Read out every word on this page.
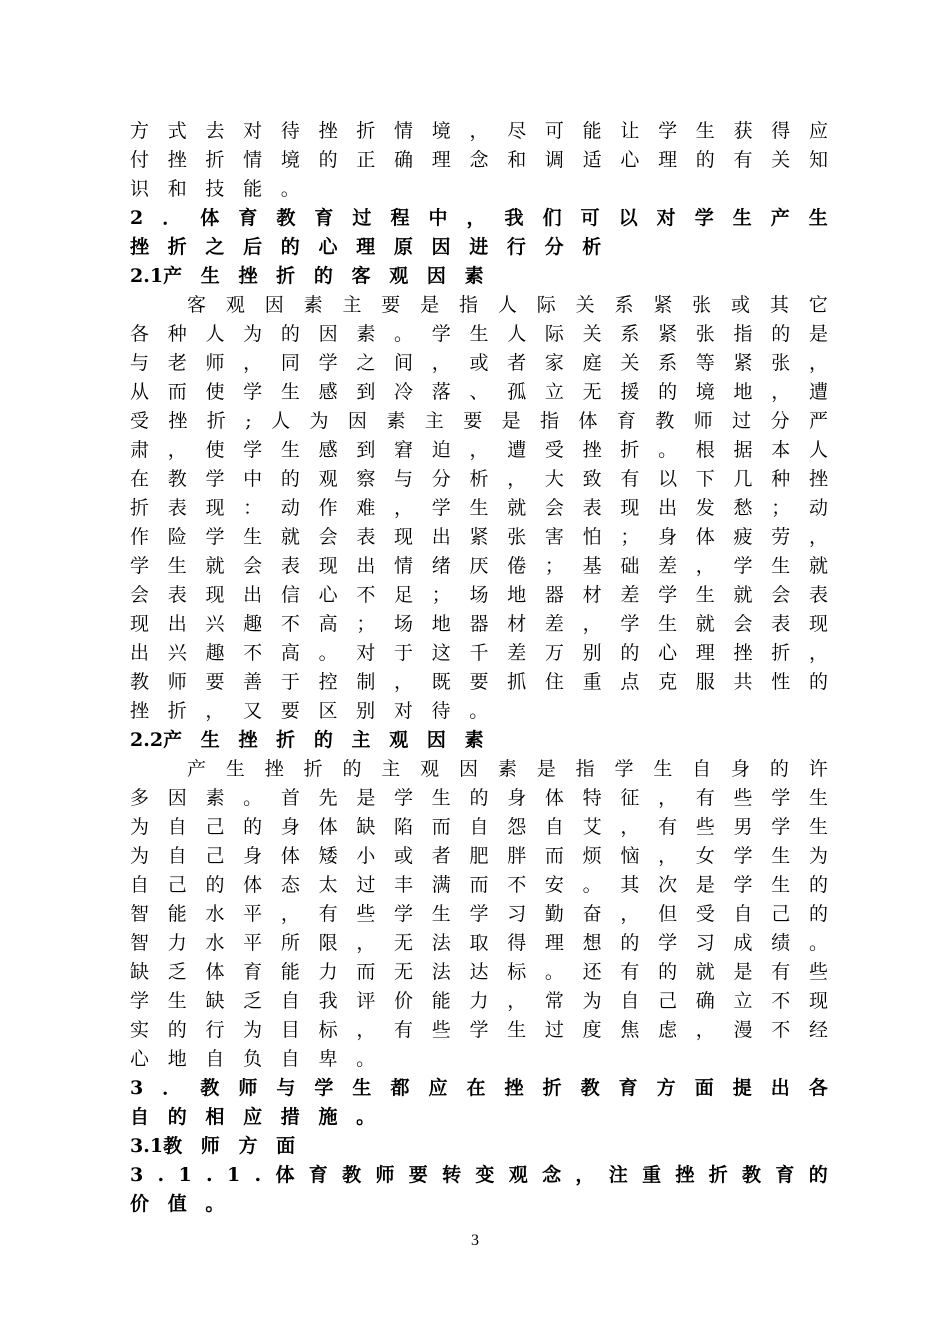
方 式 去 对 待 挫 折 情 境 ， 尽 可 能 让 学 生 获 得 应
付 挫 折 情 境 的 正 确 理 念 和 调 适 心 理 的 有 关 知
识 和 技 能 。
2 ． 体 育 教 育 过 程 中 ， 我 们 可 以 对 学 生 产 生
挫 折 之 后 的 心 理 原 因 进 行 分 析
2.1产 生 挫 折 的 客 观 因 素
客 观 因 素 主 要 是 指 人 际 关 系 紧 张 或 其 它
各 种 人 为 的 因 素 。 学 生 人 际 关 系 紧 张 指 的 是
与 老 师 ， 同 学 之 间 ， 或 者 家 庭 关 系 等 紧 张 ，
从 而 使 学 生 感 到 冷 落 、 孤 立 无 援 的 境 地 ， 遭
受 挫 折 ; 人 为 因 素 主 要 是 指 体 育 教 师 过 分 严
肃 ， 使 学 生 感 到 窘 迫 ， 遭 受 挫 折 。 根 据 本 人
在 教 学 中 的 观 察 与 分 析 ， 大 致 有 以 下 几 种 挫
折 表 现 ： 动 作 难 ， 学 生 就 会 表 现 出 发 愁 ； 动
作 险 学 生 就 会 表 现 出 紧 张 害 怕 ； 身 体 疲 劳 ，
学 生 就 会 表 现 出 情 绪 厌 倦 ； 基 础 差 ， 学 生 就
会 表 现 出 信 心 不 足 ； 场 地 器 材 差 学 生 就 会 表
现 出 兴 趣 不 高 ； 场 地 器 材 差 ， 学 生 就 会 表 现
出 兴 趣 不 高 。 对 于 这 千 差 万 别 的 心 理 挫 折 ，
教 师 要 善 于 控 制 ， 既 要 抓 住 重 点 克 服 共 性 的
挫 折 ， 又 要 区 别 对 待 。
2.2产 生 挫 折 的 主 观 因 素
产 生 挫 折 的 主 观 因 素 是 指 学 生 自 身 的 许
多 因 素 。 首 先 是 学 生 的 身 体 特 征 ， 有 些 学 生
为 自 己 的 身 体 缺 陷 而 自 怨 自 艾 ， 有 些 男 学 生
为 自 己 身 体 矮 小 或 者 肥 胖 而 烦 恼 ， 女 学 生 为
自 己 的 体 态 太 过 丰 满 而 不 安 。 其 次 是 学 生 的
智 能 水 平 ， 有 些 学 生 学 习 勤 奋 ， 但 受 自 己 的
智 力 水 平 所 限 ， 无 法 取 得 理 想 的 学 习 成 绩 。
缺 乏 体 育 能 力 而 无 法 达 标 。 还 有 的 就 是 有 些
学 生 缺 乏 自 我 评 价 能 力 ， 常 为 自 己 确 立 不 现
实 的 行 为 目 标 ， 有 些 学 生 过 度 焦 虑 ， 漫 不 经
心 地 自 负 自 卑 。
3 ． 教 师 与 学 生 都 应 在 挫 折 教 育 方 面 提 出 各
自 的 相 应 措 施 。
3.1教 师 方 面
3 . 1 . 1 . 体 育 教 师 要 转 变 观 念 ， 注 重 挫 折 教 育 的
价 值 。
3
